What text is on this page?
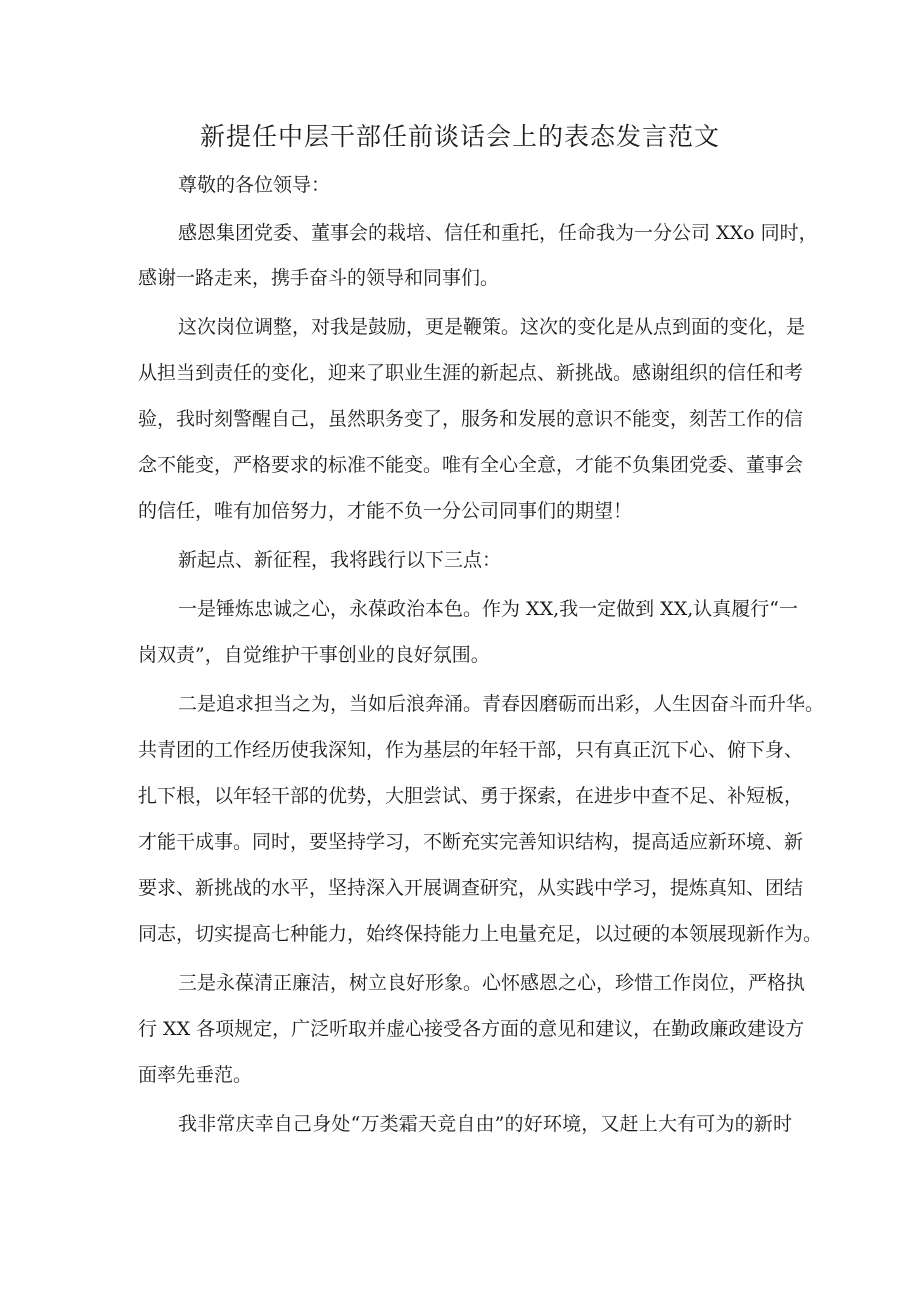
新提任中层干部任前谈话会上的表态发言范文
尊敬的各位领导：
感恩集团党委、董事会的栽培、信任和重托，任命我为一分公司 XXo 同时，
感谢一路走来，携手奋斗的领导和同事们。
这次岗位调整，对我是鼓励，更是鞭策。这次的变化是从点到面的变化，是
从担当到责任的变化，迎来了职业生涯的新起点、新挑战。感谢组织的信任和考
验，我时刻警醒自己，虽然职务变了，服务和发展的意识不能变，刻苦工作的信
念不能变，严格要求的标准不能变。唯有全心全意，才能不负集团党委、董事会
的信任，唯有加倍努力，才能不负一分公司同事们的期望！
新起点、新征程，我将践行以下三点：
一是锤炼忠诚之心，永葆政治本色。作为 XX,我一定做到 XX,认真履行“一
岗双责”，自觉维护干事创业的良好氛围。
二是追求担当之为，当如后浪奔涌。青春因磨砺而出彩，人生因奋斗而升华。
共青团的工作经历使我深知，作为基层的年轻干部，只有真正沉下心、俯下身、
扎下根，以年轻干部的优势，大胆尝试、勇于探索，在进步中查不足、补短板，
才能干成事。同时，要坚持学习，不断充实完善知识结构，提高适应新环境、新
要求、新挑战的水平，坚持深入开展调查研究，从实践中学习，提炼真知、团结
同志，切实提高七种能力，始终保持能力上电量充足，以过硬的本领展现新作为。
三是永葆清正廉洁，树立良好形象。心怀感恩之心，珍惜工作岗位，严格执
行 XX 各项规定，广泛听取并虚心接受各方面的意见和建议，在勤政廉政建设方
面率先垂范。
我非常庆幸自己身处“万类霜天竞自由”的好环境，又赶上大有可为的新时
